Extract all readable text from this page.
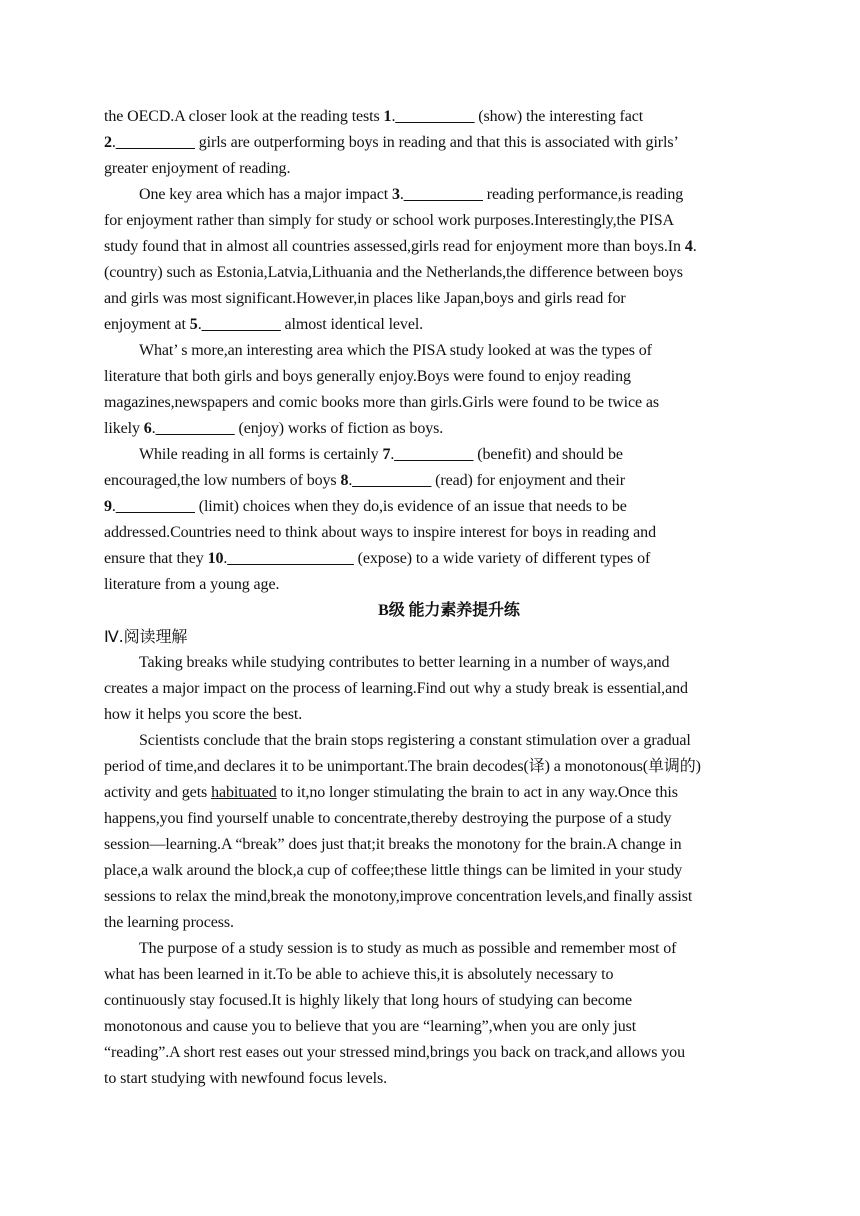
the OECD.A closer look at the reading tests 1.__________ (show) the interesting fact
2.__________ girls are outperforming boys in reading and that this is associated with girls’
greater enjoyment of reading.
One key area which has a major impact 3.__________ reading performance,is reading
for enjoyment rather than simply for study or school work purposes.Interestingly,the PISA
study found that in almost all countries assessed,girls read for enjoyment more than boys.In 4.
(country) such as Estonia,Latvia,Lithuania and the Netherlands,the difference between boys
and girls was most significant.However,in places like Japan,boys and girls read for
enjoyment at 5.__________ almost identical level.
What’ s more,an interesting area which the PISA study looked at was the types of
literature that both girls and boys generally enjoy.Boys were found to enjoy reading
magazines,newspapers and comic books more than girls.Girls were found to be twice as
likely 6.__________ (enjoy) works of fiction as boys.
While reading in all forms is certainly 7.__________ (benefit) and should be
encouraged,the low numbers of boys 8.__________ (read) for enjoyment and their
9.__________ (limit) choices when they do,is evidence of an issue that needs to be
addressed.Countries need to think about ways to inspire interest for boys in reading and
ensure that they 10.________________ (expose) to a wide variety of different types of
literature from a young age.
B级 能力素养提升练
Ⅳ.阅读理解
Taking breaks while studying contributes to better learning in a number of ways,and
creates a major impact on the process of learning.Find out why a study break is essential,and
how it helps you score the best.
Scientists conclude that the brain stops registering a constant stimulation over a gradual
period of time,and declares it to be unimportant.The brain decodes(译) a monotonous(单调的)
activity and gets habituated to it,no longer stimulating the brain to act in any way.Once this
happens,you find yourself unable to concentrate,thereby destroying the purpose of a study
session—learning.A “break” does just that;it breaks the monotony for the brain.A change in
place,a walk around the block,a cup of coffee;these little things can be limited in your study
sessions to relax the mind,break the monotony,improve concentration levels,and finally assist
the learning process.
The purpose of a study session is to study as much as possible and remember most of
what has been learned in it.To be able to achieve this,it is absolutely necessary to
continuously stay focused.It is highly likely that long hours of studying can become
monotonous and cause you to believe that you are “learning”,when you are only just
“reading”.A short rest eases out your stressed mind,brings you back on track,and allows you
to start studying with newfound focus levels.
